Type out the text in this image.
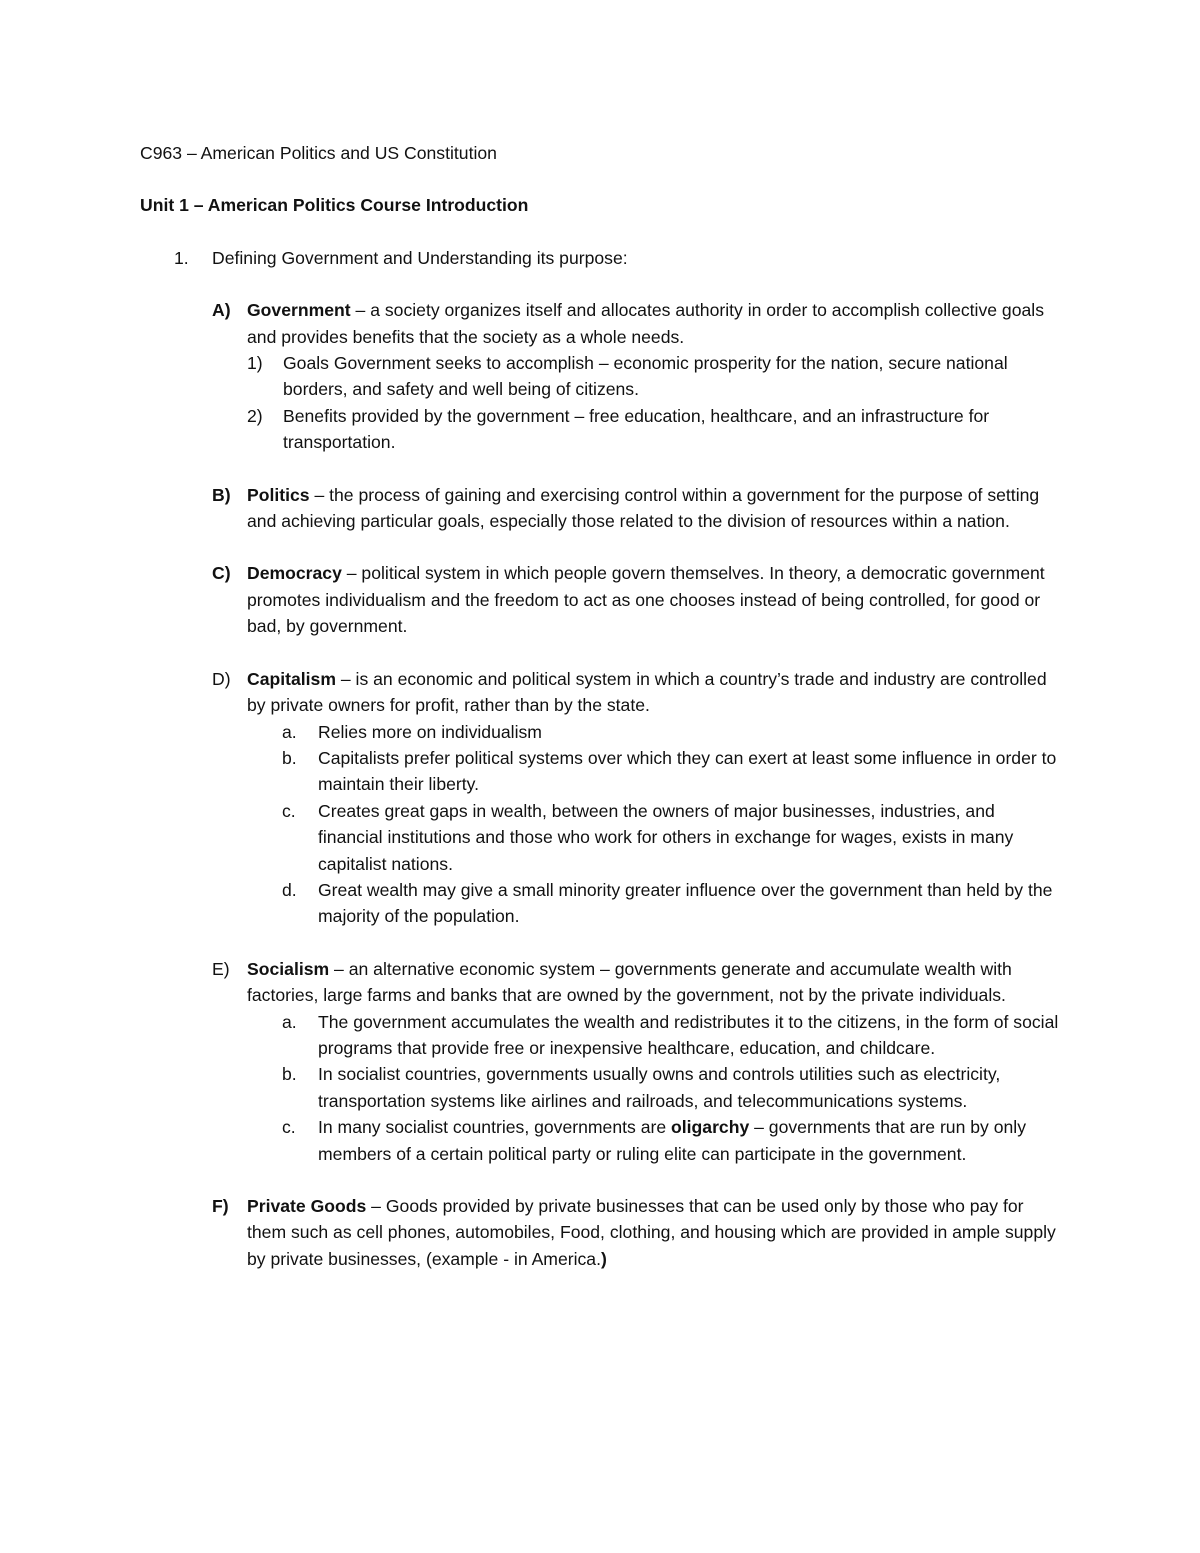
C963 – American Politics and US Constitution
Unit 1 – American Politics Course Introduction
1.	Defining Government and Understanding its purpose:
A) Government – a society organizes itself and allocates authority in order to accomplish collective goals and provides benefits that the society as a whole needs.
1)	Goals Government seeks to accomplish – economic prosperity for the nation, secure national borders, and safety and well being of citizens.
2)	Benefits provided by the government – free education, healthcare, and an infrastructure for transportation.
B) Politics – the process of gaining and exercising control within a government for the purpose of setting and achieving particular goals, especially those related to the division of resources within a nation.
C) Democracy – political system in which people govern themselves. In theory, a democratic government promotes individualism and the freedom to act as one chooses instead of being controlled, for good or bad, by government.
D) Capitalism – is an economic and political system in which a country’s trade and industry are controlled by private owners for profit, rather than by the state.
a.	Relies more on individualism
b.	Capitalists prefer political systems over which they can exert at least some influence in order to maintain their liberty.
c.	Creates great gaps in wealth, between the owners of major businesses, industries, and financial institutions and those who work for others in exchange for wages, exists in many capitalist nations.
d.	Great wealth may give a small minority greater influence over the government than held by the majority of the population.
E) Socialism – an alternative economic system – governments generate and accumulate wealth with factories, large farms and banks that are owned by the government, not by the private individuals.
a.	The government accumulates the wealth and redistributes it to the citizens, in the form of social programs that provide free or inexpensive healthcare, education, and childcare.
b.	In socialist countries, governments usually owns and controls utilities such as electricity, transportation systems like airlines and railroads, and telecommunications systems.
c.	In many socialist countries, governments are oligarchy – governments that are run by only members of a certain political party or ruling elite can participate in the government.
F)	Private Goods – Goods provided by private businesses that can be used only by those who pay for them such as cell phones, automobiles, Food, clothing, and housing which are provided in ample supply by private businesses, (example - in America.)
